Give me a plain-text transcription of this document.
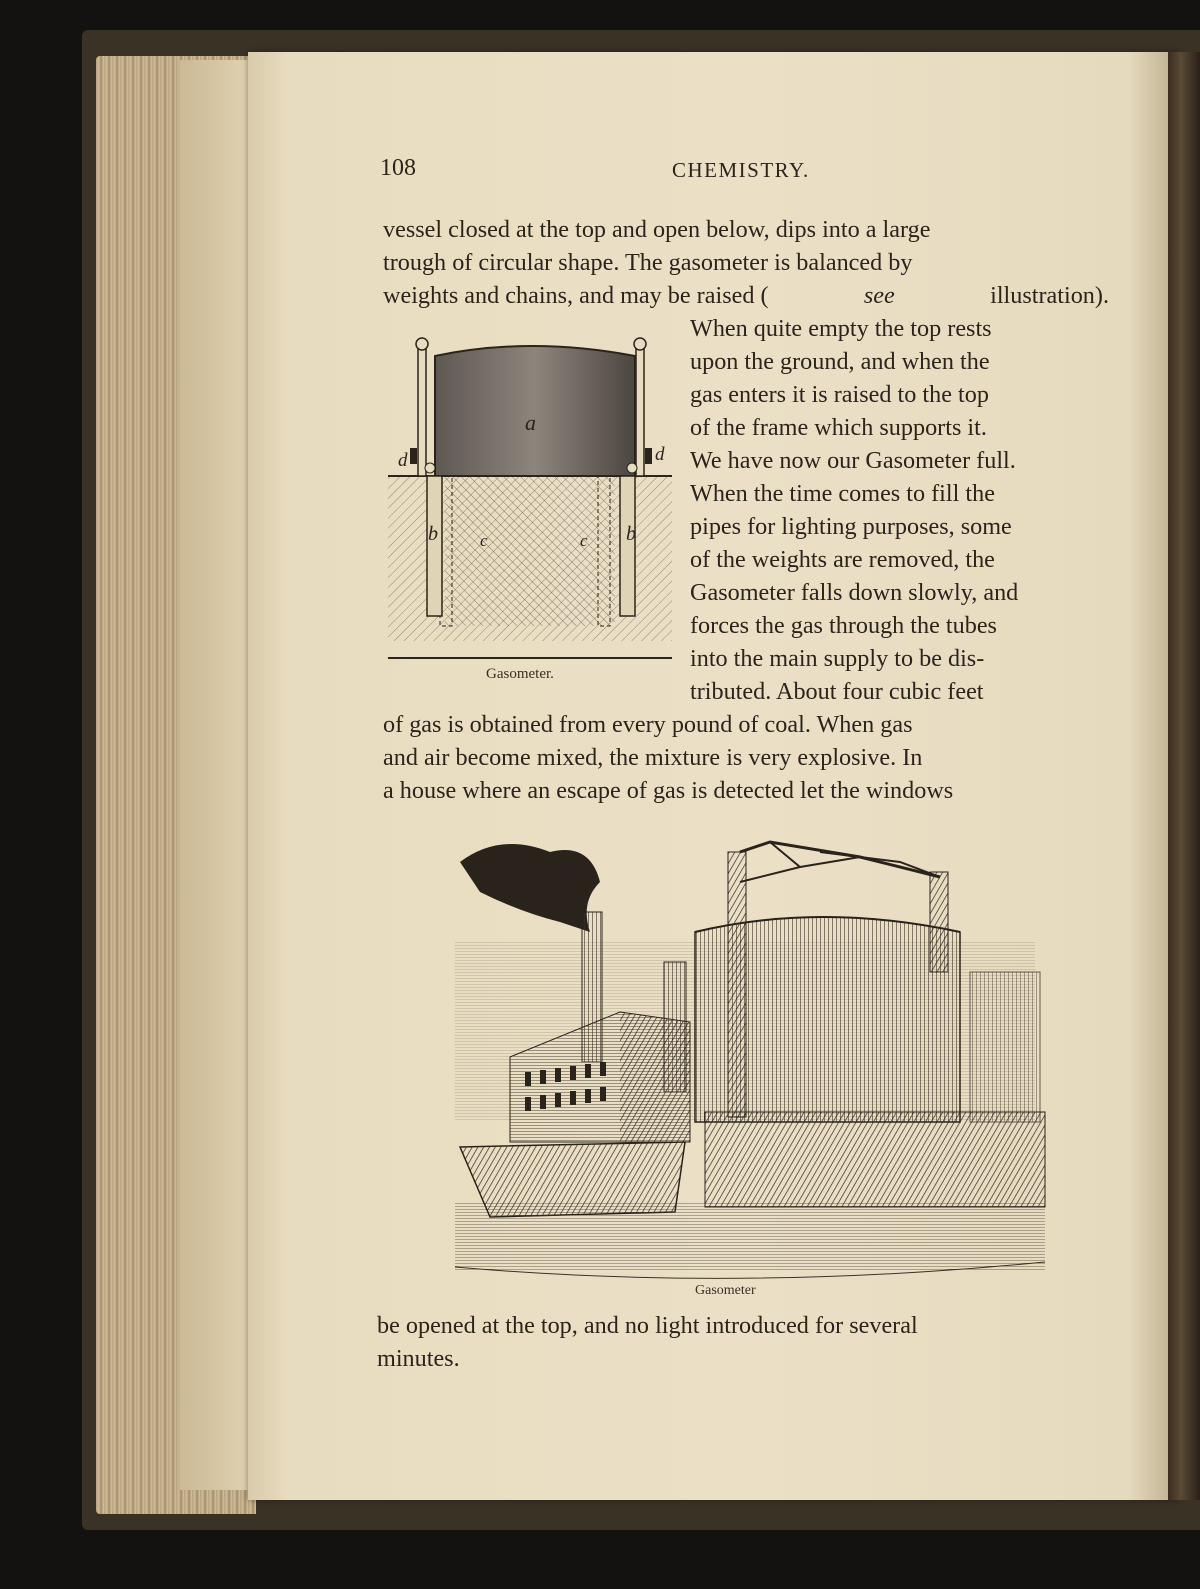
108	CHEMISTRY.
vessel closed at the top and open below, dips into a large
trough of circular shape. The gasometer is balanced by
weights and chains, and may be raised (	see	illustration).
When quite empty the top rests
upon the ground, and when the
gas enters it is raised to the top
of the frame which supports it.
We have now our Gasometer full.
When the time comes to fill the
pipes for lighting purposes, some
of the weights are removed, the
Gasometer falls down slowly, and
forces the gas through the tubes
into the main supply to be dis-
tributed. About four cubic feet
of gas is obtained from every pound of coal. When gas
and air become mixed, the mixture is very explosive. In
a house where an escape of gas is detected let the windows
a
b	b
c	c
d	d
Gasometer.
Gasometer
be opened at the top, and no light introduced for several
minutes.
